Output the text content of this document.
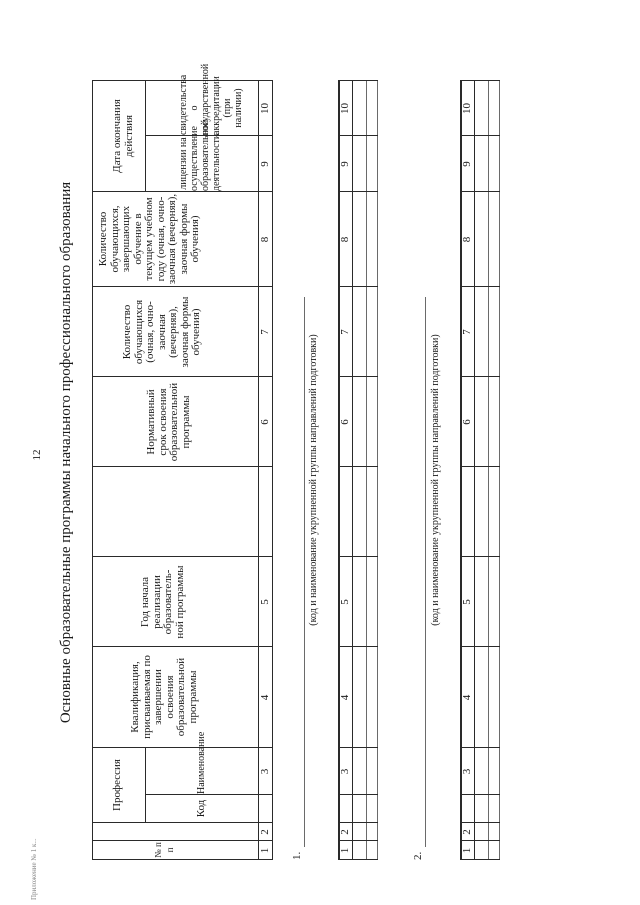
Приложение № 1 к...
12 Основные образовательные программы начального профессионального образования
№ п п
Профессия	Код
Наименование
Квалификация, присваиваемая по завершении освоения образовательной программы
Год начала реализации образователь-ной программы
Нормативный срок освоения образовательной программы
Количество обучающихся (очная, очно-заочная (вечерняя), заочная формы обучения)
Количество обучающихся, завершающих обучение в текущем учебном году (очная, очно-заочная (вечерняя), заочная формы обучения)
Дата окончания действия
лицензии на осуществление образовательной деятельности
свидетельства о государственной аккредитации (при наличии)
1
2
3
4
5
6
7
8
9
10
1.
(код и наименование укрупненной группы направлений подготовки)
1
2
3
4
5
6
7
8
9
10
2.
(код и наименование укрупненной группы направлений подготовки)
1
2
3
4
5
6
7
8
9
10
